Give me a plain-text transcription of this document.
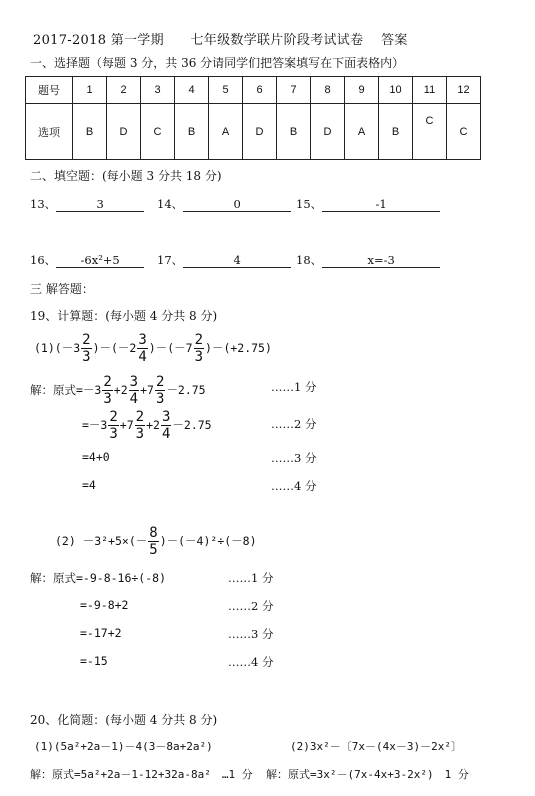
2017-2018 第一学期　　七年级数学联片阶段考试试卷　 答案
一、选择题（每题 3 分，共 36 分请同学们把答案填写在下面表格内）
题号	1	2	3	4	5	6	7	8	9	10	11	12
选项	B	D	C	B	A	D	B	D	A	B	C	C
二、填空题：(每小题 3 分共 18 分)
13、	3	14、	0	15、	-1
16、 -6x²+5	17、	4	18、	x=-3
三 解答题：
19、计算题：(每小题 4 分共 8 分)
$(1)(-3 \frac{2}{3} )-(-2 \frac{3}{4} )-(-7 \frac{2}{3} )-(+2.75)$
解：原式$=-3 \frac{2}{3} +2 \frac{3}{4} +7 \frac{2}{3} -2.75$	……1 分
$=-3 \frac{2}{3} +7 \frac{2}{3} +2 \frac{3}{4} -2.75$	……2 分
=4+0	……3 分
=4	……4 分
$(2) -3^2+5\times(- \frac{8}{5} )-(-4)^2\div(-8)$
解：原式=-9-8-16÷(-8)	……1 分
=-9-8+2	……2 分
=-17+2	……3 分
=-15	……4 分
20、化简题：(每小题 4 分共 8 分)
(1)(5a²+2a－1)－4(3－8a+2a²)	(2)3x²－〔7x－(4x－3)－2x²〕
解：原式=5a²+2a－1-12+32a-8a²　…1 分 解：原式=3x²－(7x-4x+3-2x²)　1 分
